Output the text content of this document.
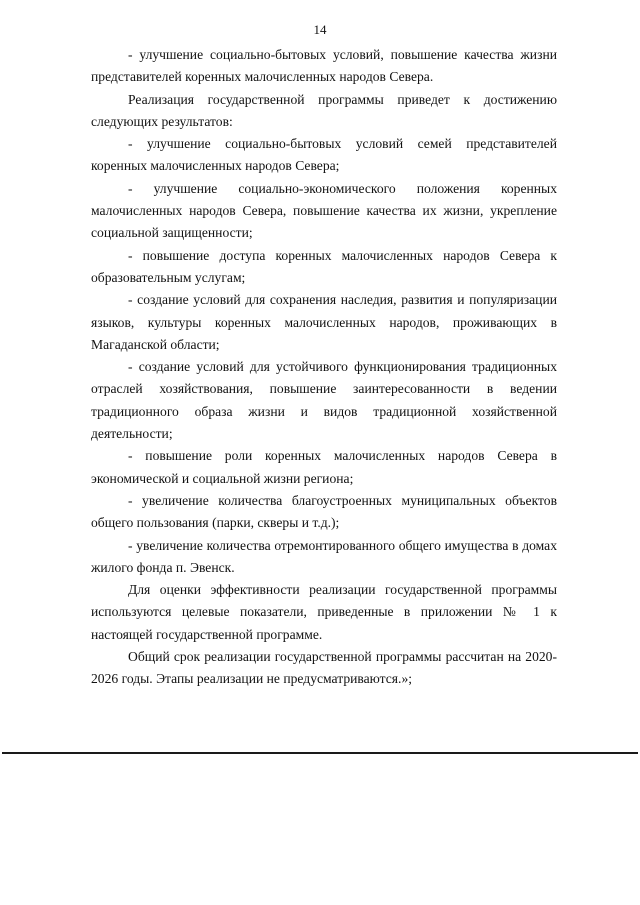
14

- улучшение социально-бытовых условий, повышение качества жизни представителей коренных малочисленных народов Севера.

Реализация государственной программы приведет к достижению следующих результатов:

- улучшение социально-бытовых условий семей представителей коренных малочисленных народов Севера;

- улучшение социально-экономического положения коренных малочисленных народов Севера, повышение качества их жизни, укрепление социальной защищенности;

- повышение доступа коренных малочисленных народов Севера к образовательным услугам;

- создание условий для сохранения наследия, развития и популяризации языков, культуры коренных малочисленных народов, проживающих в Магаданской области;

- создание условий для устойчивого функционирования традиционных отраслей хозяйствования, повышение заинтересованности в ведении традиционного образа жизни и видов традиционной хозяйственной деятельности;

- повышение роли коренных малочисленных народов Севера в экономической и социальной жизни региона;

- увеличение количества благоустроенных муниципальных объектов общего пользования (парки, скверы и т.д.);

- увеличение количества отремонтированного общего имущества в домах жилого фонда п. Эвенск.

Для оценки эффективности реализации государственной программы используются целевые показатели, приведенные в приложении № 1 к настоящей государственной программе.

Общий срок реализации государственной программы рассчитан на 2020-2026 годы. Этапы реализации не предусматриваются.»;
